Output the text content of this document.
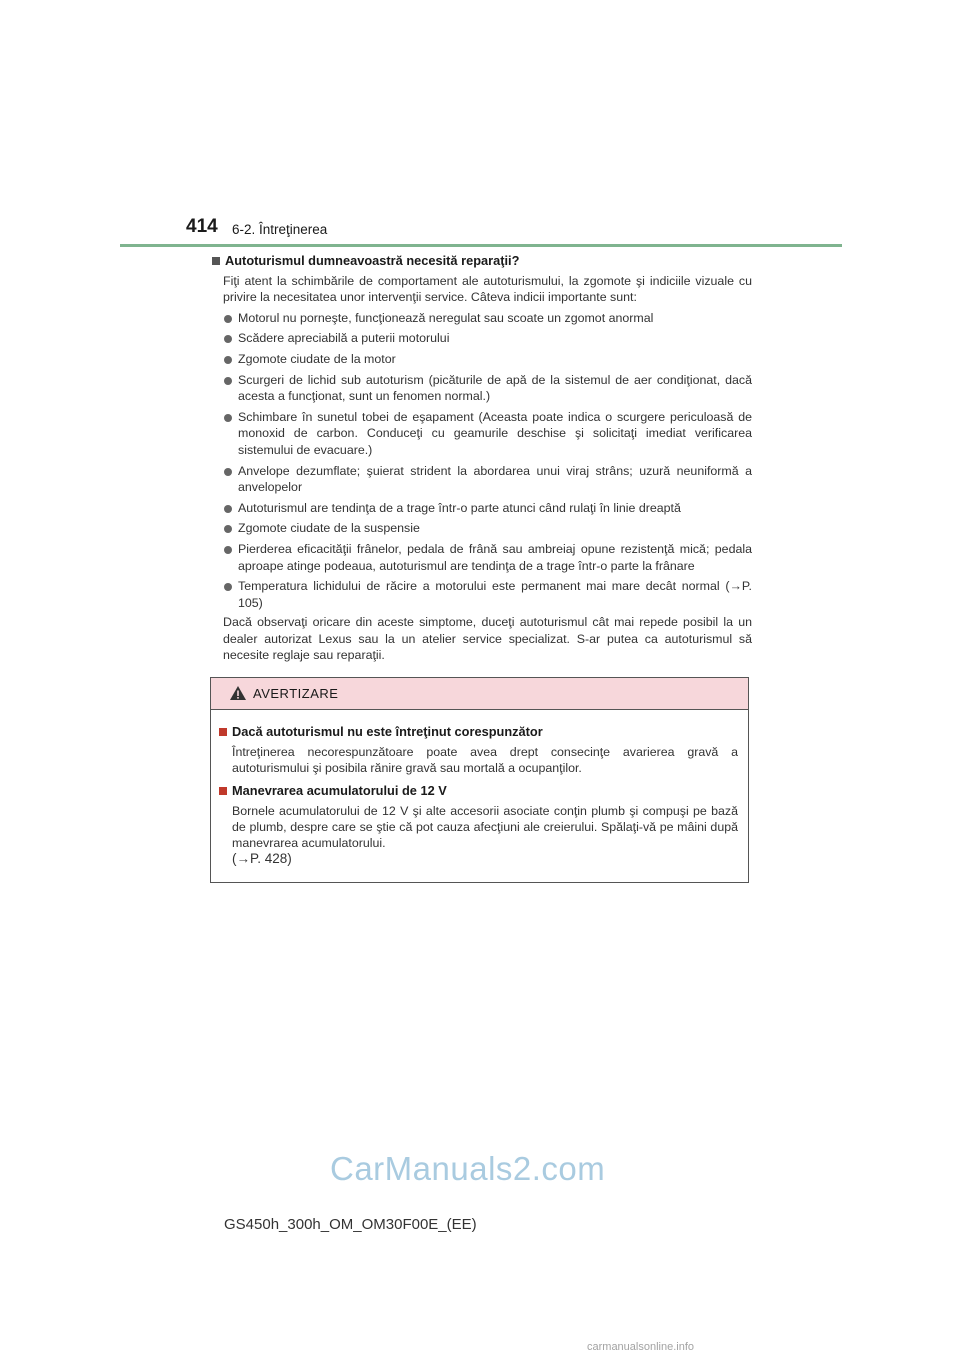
414 6-2. Întreţinerea
Autoturismul dumneavoastră necesită reparaţii?
Fiţi atent la schimbările de comportament ale autoturismului, la zgomote şi indiciile vizuale cu privire la necesitatea unor intervenţii service. Câteva indicii importante sunt:
Motorul nu porneşte, funcţionează neregulat sau scoate un zgomot anormal
Scădere apreciabilă a puterii motorului
Zgomote ciudate de la motor
Scurgeri de lichid sub autoturism (picăturile de apă de la sistemul de aer condiţionat, dacă acesta a funcţionat, sunt un fenomen normal.)
Schimbare în sunetul tobei de eşapament (Aceasta poate indica o scurgere periculoasă de monoxid de carbon. Conduceţi cu geamurile deschise şi solicitaţi imediat verificarea sistemului de evacuare.)
Anvelope dezumflate; şuierat strident la abordarea unui viraj strâns; uzură neuniformă a anvelopelor
Autoturismul are tendinţa de a trage într-o parte atunci când rulaţi în linie dreaptă
Zgomote ciudate de la suspensie
Pierderea eficacităţii frânelor, pedala de frână sau ambreiaj opune rezistenţă mică; pedala aproape atinge podeaua, autoturismul are tendinţa de a trage într-o parte la frânare
Temperatura lichidului de răcire a motorului este permanent mai mare decât normal (→P. 105)
Dacă observaţi oricare din aceste simptome, duceţi autoturismul cât mai repede posibil la un dealer autorizat Lexus sau la un atelier service specializat. S-ar putea ca autoturismul să necesite reglaje sau reparaţii.
AVERTIZARE
Dacă autoturismul nu este întreţinut corespunzător
Întreţinerea necorespunzătoare poate avea drept consecinţe avarierea gravă a autoturismului şi posibila rănire gravă sau mortală a ocupanţilor.
Manevrarea acumulatorului de 12 V
Bornele acumulatorului de 12 V şi alte accesorii asociate conţin plumb şi compuşi pe bază de plumb, despre care se ştie că pot cauza afecţiuni ale creierului. Spălaţi-vă pe mâini după manevrarea acumulatorului.
(→P. 428)
CarManuals2.com
GS450h_300h_OM_OM30F00E_(EE)
carmanualsonline.info
